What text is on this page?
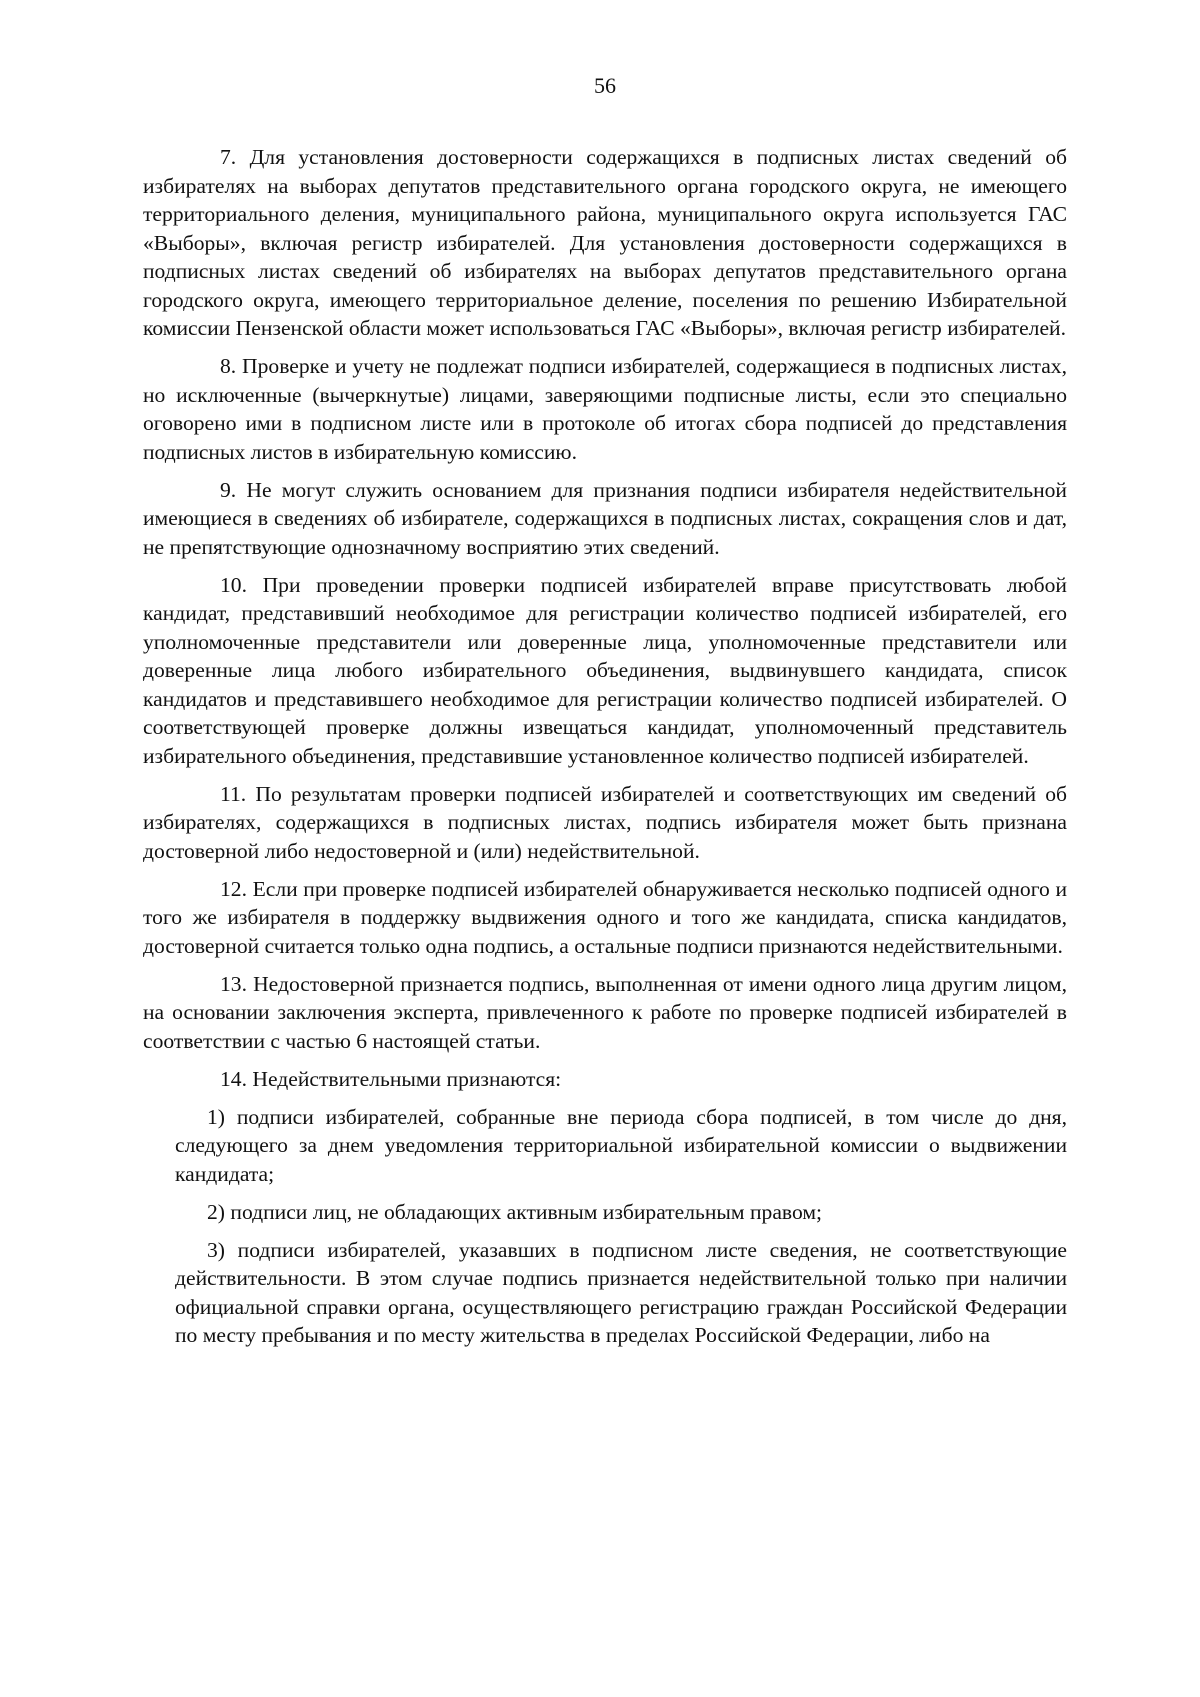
56

7. Для установления достоверности содержащихся в подписных листах сведений об избирателях на выборах депутатов представительного органа городского округа, не имеющего территориального деления, муниципального района, муниципального округа используется ГАС «Выборы», включая регистр избирателей. Для установления достоверности содержащихся в подписных листах сведений об избирателях на выборах депутатов представительного органа городского округа, имеющего территориальное деление, поселения по решению Избирательной комиссии Пензенской области может использоваться ГАС «Выборы», включая регистр избирателей.

8. Проверке и учету не подлежат подписи избирателей, содержащиеся в подписных листах, но исключенные (вычеркнутые) лицами, заверяющими подписные листы, если это специально оговорено ими в подписном листе или в протоколе об итогах сбора подписей до представления подписных листов в избирательную комиссию.

9. Не могут служить основанием для признания подписи избирателя недействительной имеющиеся в сведениях об избирателе, содержащихся в подписных листах, сокращения слов и дат, не препятствующие однозначному восприятию этих сведений.

10. При проведении проверки подписей избирателей вправе присутствовать любой кандидат, представивший необходимое для регистрации количество подписей избирателей, его уполномоченные представители или доверенные лица, уполномоченные представители или доверенные лица любого избирательного объединения, выдвинувшего кандидата, список кандидатов и представившего необходимое для регистрации количество подписей избирателей. О соответствующей проверке должны извещаться кандидат, уполномоченный представитель избирательного объединения, представившие установленное количество подписей избирателей.

11. По результатам проверки подписей избирателей и соответствующих им сведений об избирателях, содержащихся в подписных листах, подпись избирателя может быть признана достоверной либо недостоверной и (или) недействительной.

12. Если при проверке подписей избирателей обнаруживается несколько подписей одного и того же избирателя в поддержку выдвижения одного и того же кандидата, списка кандидатов, достоверной считается только одна подпись, а остальные подписи признаются недействительными.

13. Недостоверной признается подпись, выполненная от имени одного лица другим лицом, на основании заключения эксперта, привлеченного к работе по проверке подписей избирателей в соответствии с частью 6 настоящей статьи.

14. Недействительными признаются:

1) подписи избирателей, собранные вне периода сбора подписей, в том числе до дня, следующего за днем уведомления территориальной избирательной комиссии о выдвижении кандидата;

2) подписи лиц, не обладающих активным избирательным правом;

3) подписи избирателей, указавших в подписном листе сведения, не соответствующие действительности. В этом случае подпись признается недействительной только при наличии официальной справки органа, осуществляющего регистрацию граждан Российской Федерации по месту пребывания и по месту жительства в пределах Российской Федерации, либо на
